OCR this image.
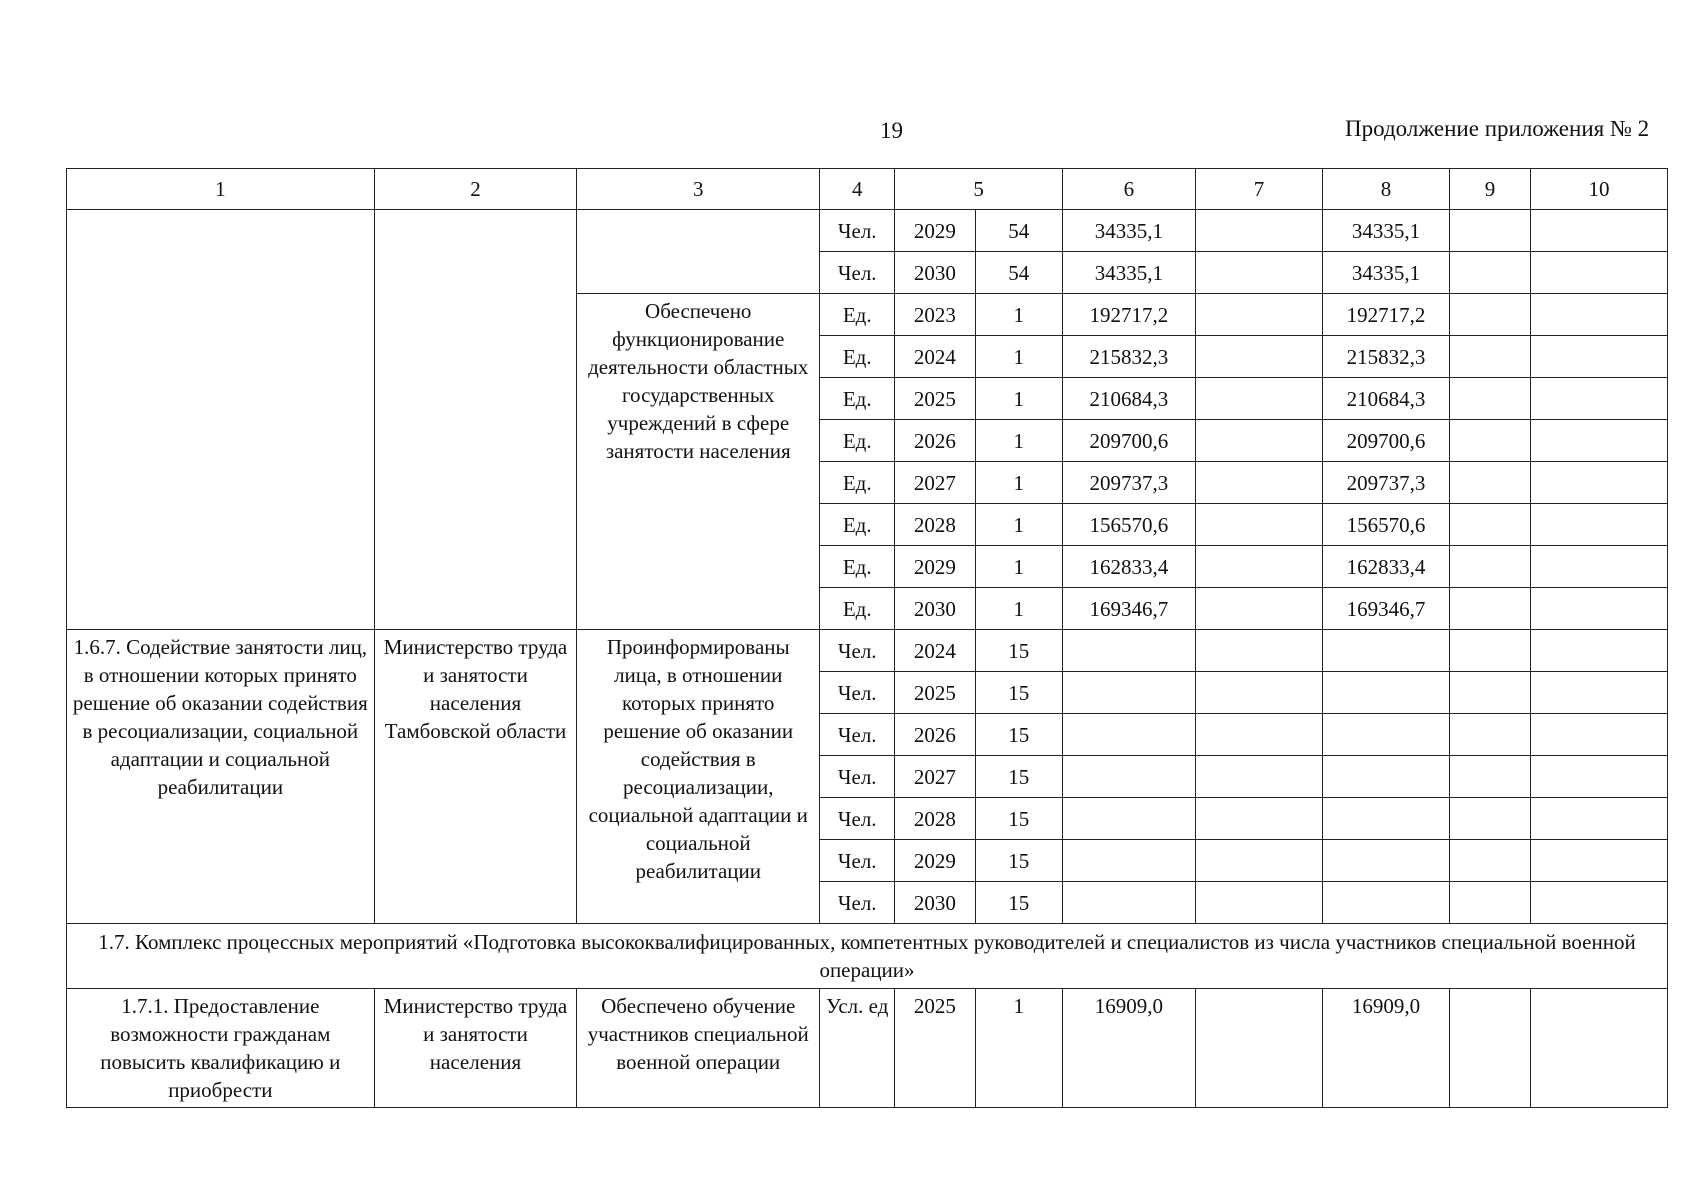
19	Продолжение приложения № 2
1	2	3	4	5		6	7	8	9	10
			Чел.	2029	54	34335,1		34335,1		
			Чел.	2030	54	34335,1		34335,1		
		Обеспечено функционирование деятельности областных государственных учреждений в сфере занятости населения	Ед.	2023	1	192717,2		192717,2		
			Ед.	2024	1	215832,3		215832,3		
			Ед.	2025	1	210684,3		210684,3		
			Ед.	2026	1	209700,6		209700,6		
			Ед.	2027	1	209737,3		209737,3		
			Ед.	2028	1	156570,6		156570,6		
			Ед.	2029	1	162833,4		162833,4		
			Ед.	2030	1	169346,7		169346,7		
1.6.7. Содействие занятости лиц, в отношении которых принято решение об оказании содействия в ресоциализации, социальной адаптации и социальной реабилитации	Министерство труда и занятости населения Тамбовской области	Проинформированы лица, в отношении которых принято решение об оказании содействия в ресоциализации, социальной адаптации и социальной реабилитации	Чел.	2024	15					
			Чел.	2025	15					
			Чел.	2026	15					
			Чел.	2027	15					
			Чел.	2028	15					
			Чел.	2029	15					
			Чел.	2030	15					
1.7. Комплекс процессных мероприятий «Подготовка высококвалифицированных, компетентных руководителей и специалистов из числа участников специальной военной операции»										
1.7.1. Предоставление возможности гражданам повысить квалификацию и приобрести	Министерство труда и занятости населения	Обеспечено обучение участников специальной военной операции	Усл. ед	2025	1	16909,0		16909,0		
